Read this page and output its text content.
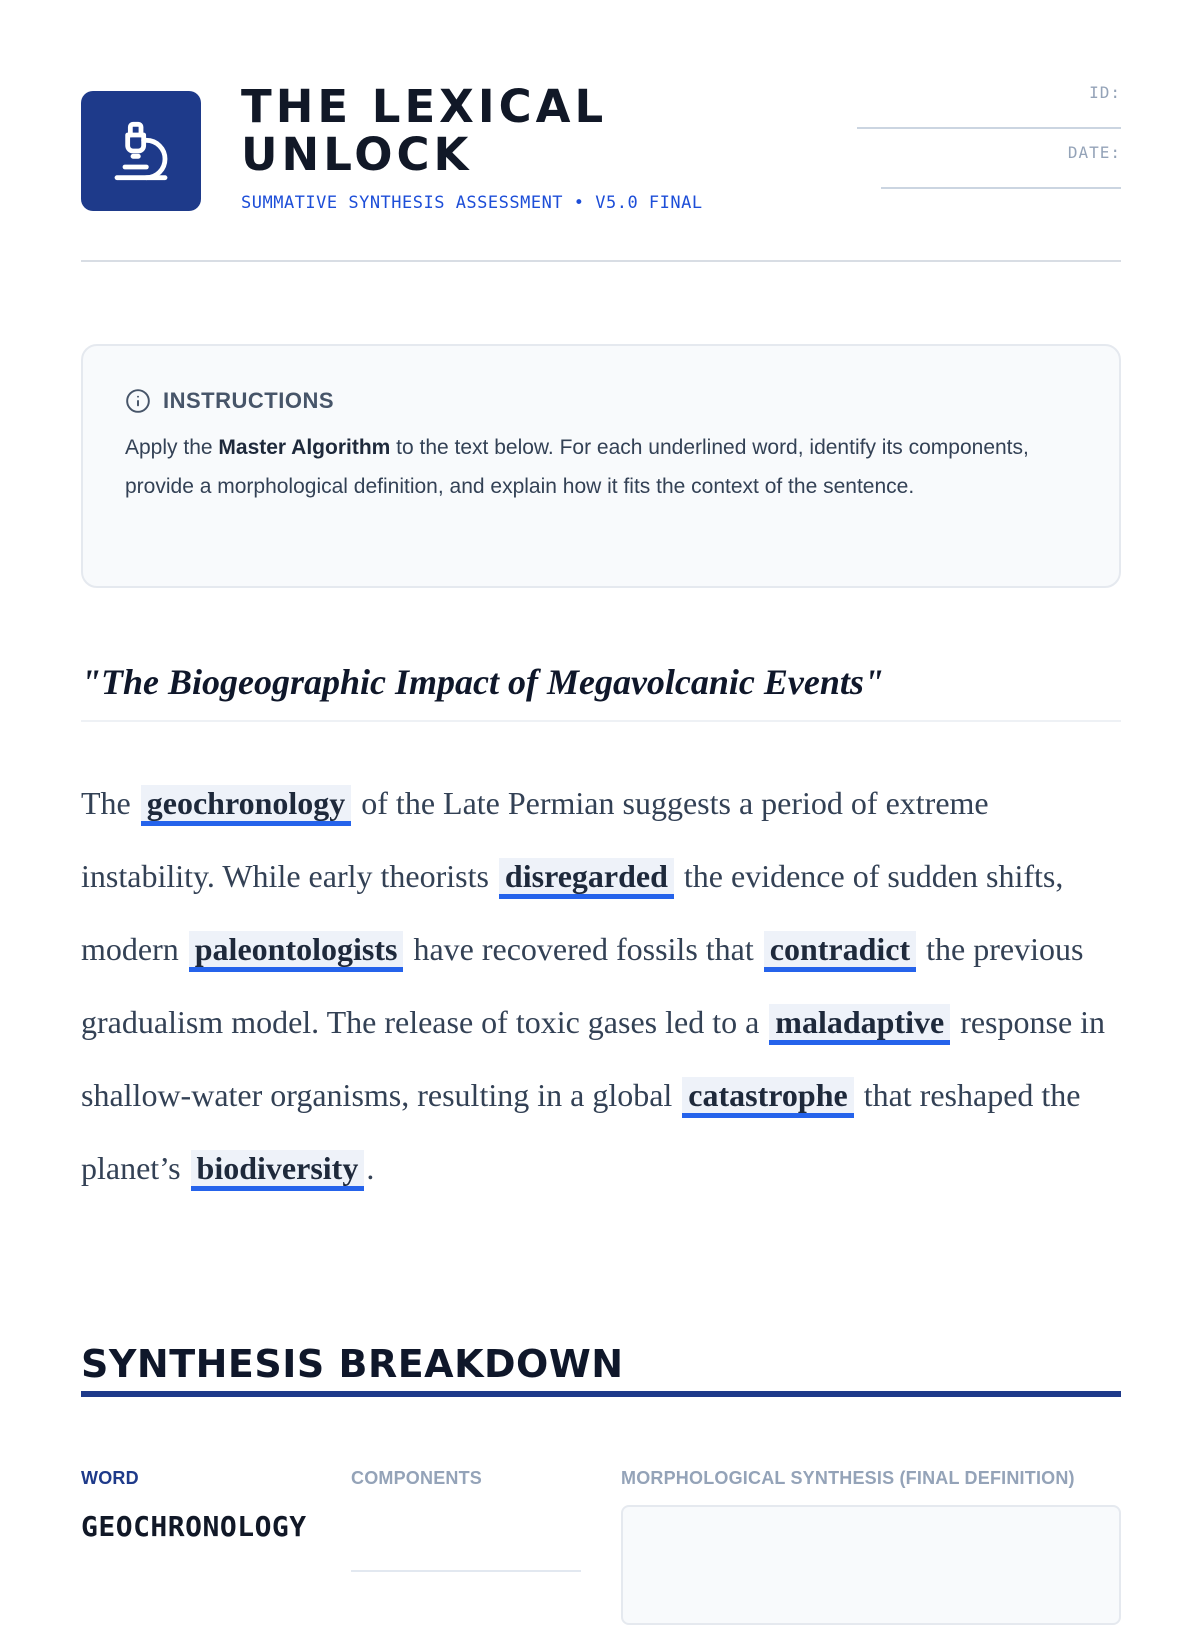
THE LEXICAL UNLOCK
SUMMATIVE SYNTHESIS ASSESSMENT • V5.0 FINAL
ID:
DATE:
INSTRUCTIONS

Apply the Master Algorithm to the text below. For each underlined word, identify its components, provide a morphological definition, and explain how it fits the context of the sentence.

"The Biogeographic Impact of Megavolcanic Events"

The geochronology of the Late Permian suggests a period of extreme instability. While early theorists disregarded the evidence of sudden shifts, modern paleontologists have recovered fossils that contradict the previous gradualism model. The release of toxic gases led to a maladaptive response in shallow-water organisms, resulting in a global catastrophe that reshaped the planet’s biodiversity .

SYNTHESIS BREAKDOWN
WORD	COMPONENTS	MORPHOLOGICAL SYNTHESIS (FINAL DEFINITION)
GEOCHRONOLOGY
